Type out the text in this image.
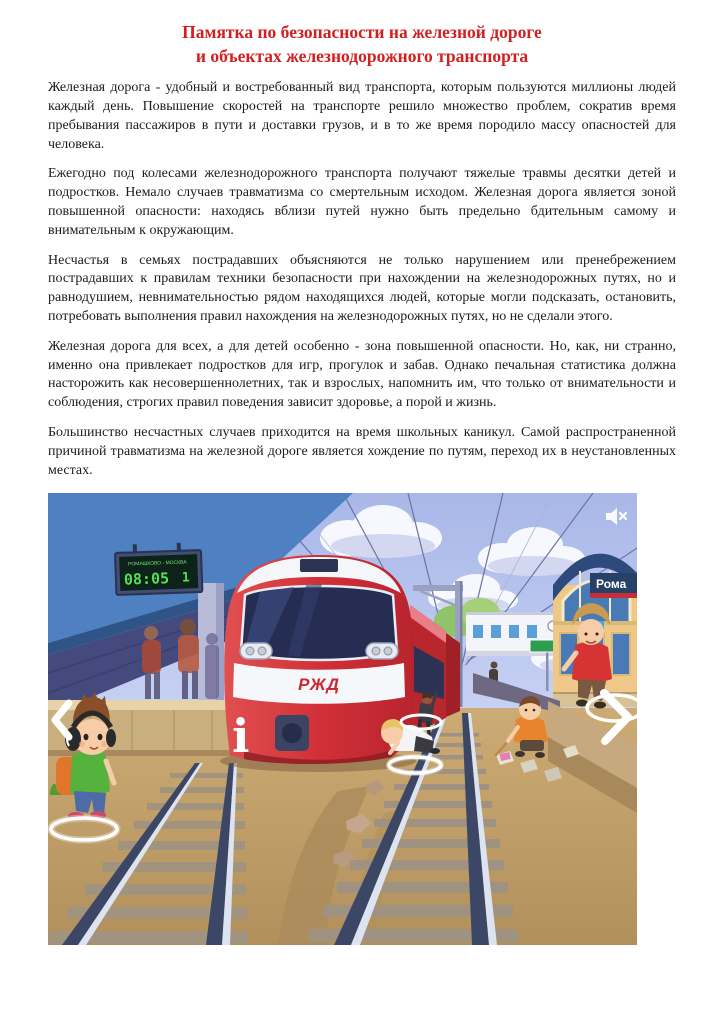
Памятка по безопасности на железной дороге
и объектах железнодорожного транспорта

Железная дорога - удобный и востребованный вид транспорта, которым пользуются миллионы людей каждый день. Повышение скоростей на транспорте решило множество проблем, сократив время пребывания пассажиров в пути и доставки грузов, и в то же время породило массу опасностей для человека.

Ежегодно под колесами железнодорожного транспорта получают тяжелые травмы десятки детей и подростков. Немало случаев травматизма со смертельным исходом. Железная дорога является зоной повышенной опасности: находясь вблизи путей нужно быть предельно бдительным самому и внимательным к окружающим.

Несчастья в семьях пострадавших объясняются не только нарушением или пренебрежением пострадавших к правилам техники безопасности при нахождении на железнодорожных путях, но и равнодушием, невнимательностью рядом находящихся людей, которые могли подсказать, остановить, потребовать выполнения правил нахождения на железнодорожных путях, но не сделали этого.

Железная дорога для всех, а для детей особенно - зона повышенной опасности. Но, как, ни странно, именно она привлекает подростков для игр, прогулок и забав. Однако печальная статистика должна насторожить как несовершеннолетних, так и взрослых, напомнить им, что только от внимательности и соблюдения, строгих правил поведения зависит здоровье, а порой и жизнь.

Большинство несчастных случаев приходится на время школьных каникул. Самой распространенной причиной травматизма на железной дороге является хождение по путям, переход их в неустановленных местах.

Рома
РОМАШКОВО - МОСКВА
08:05 1
РЖД
i
